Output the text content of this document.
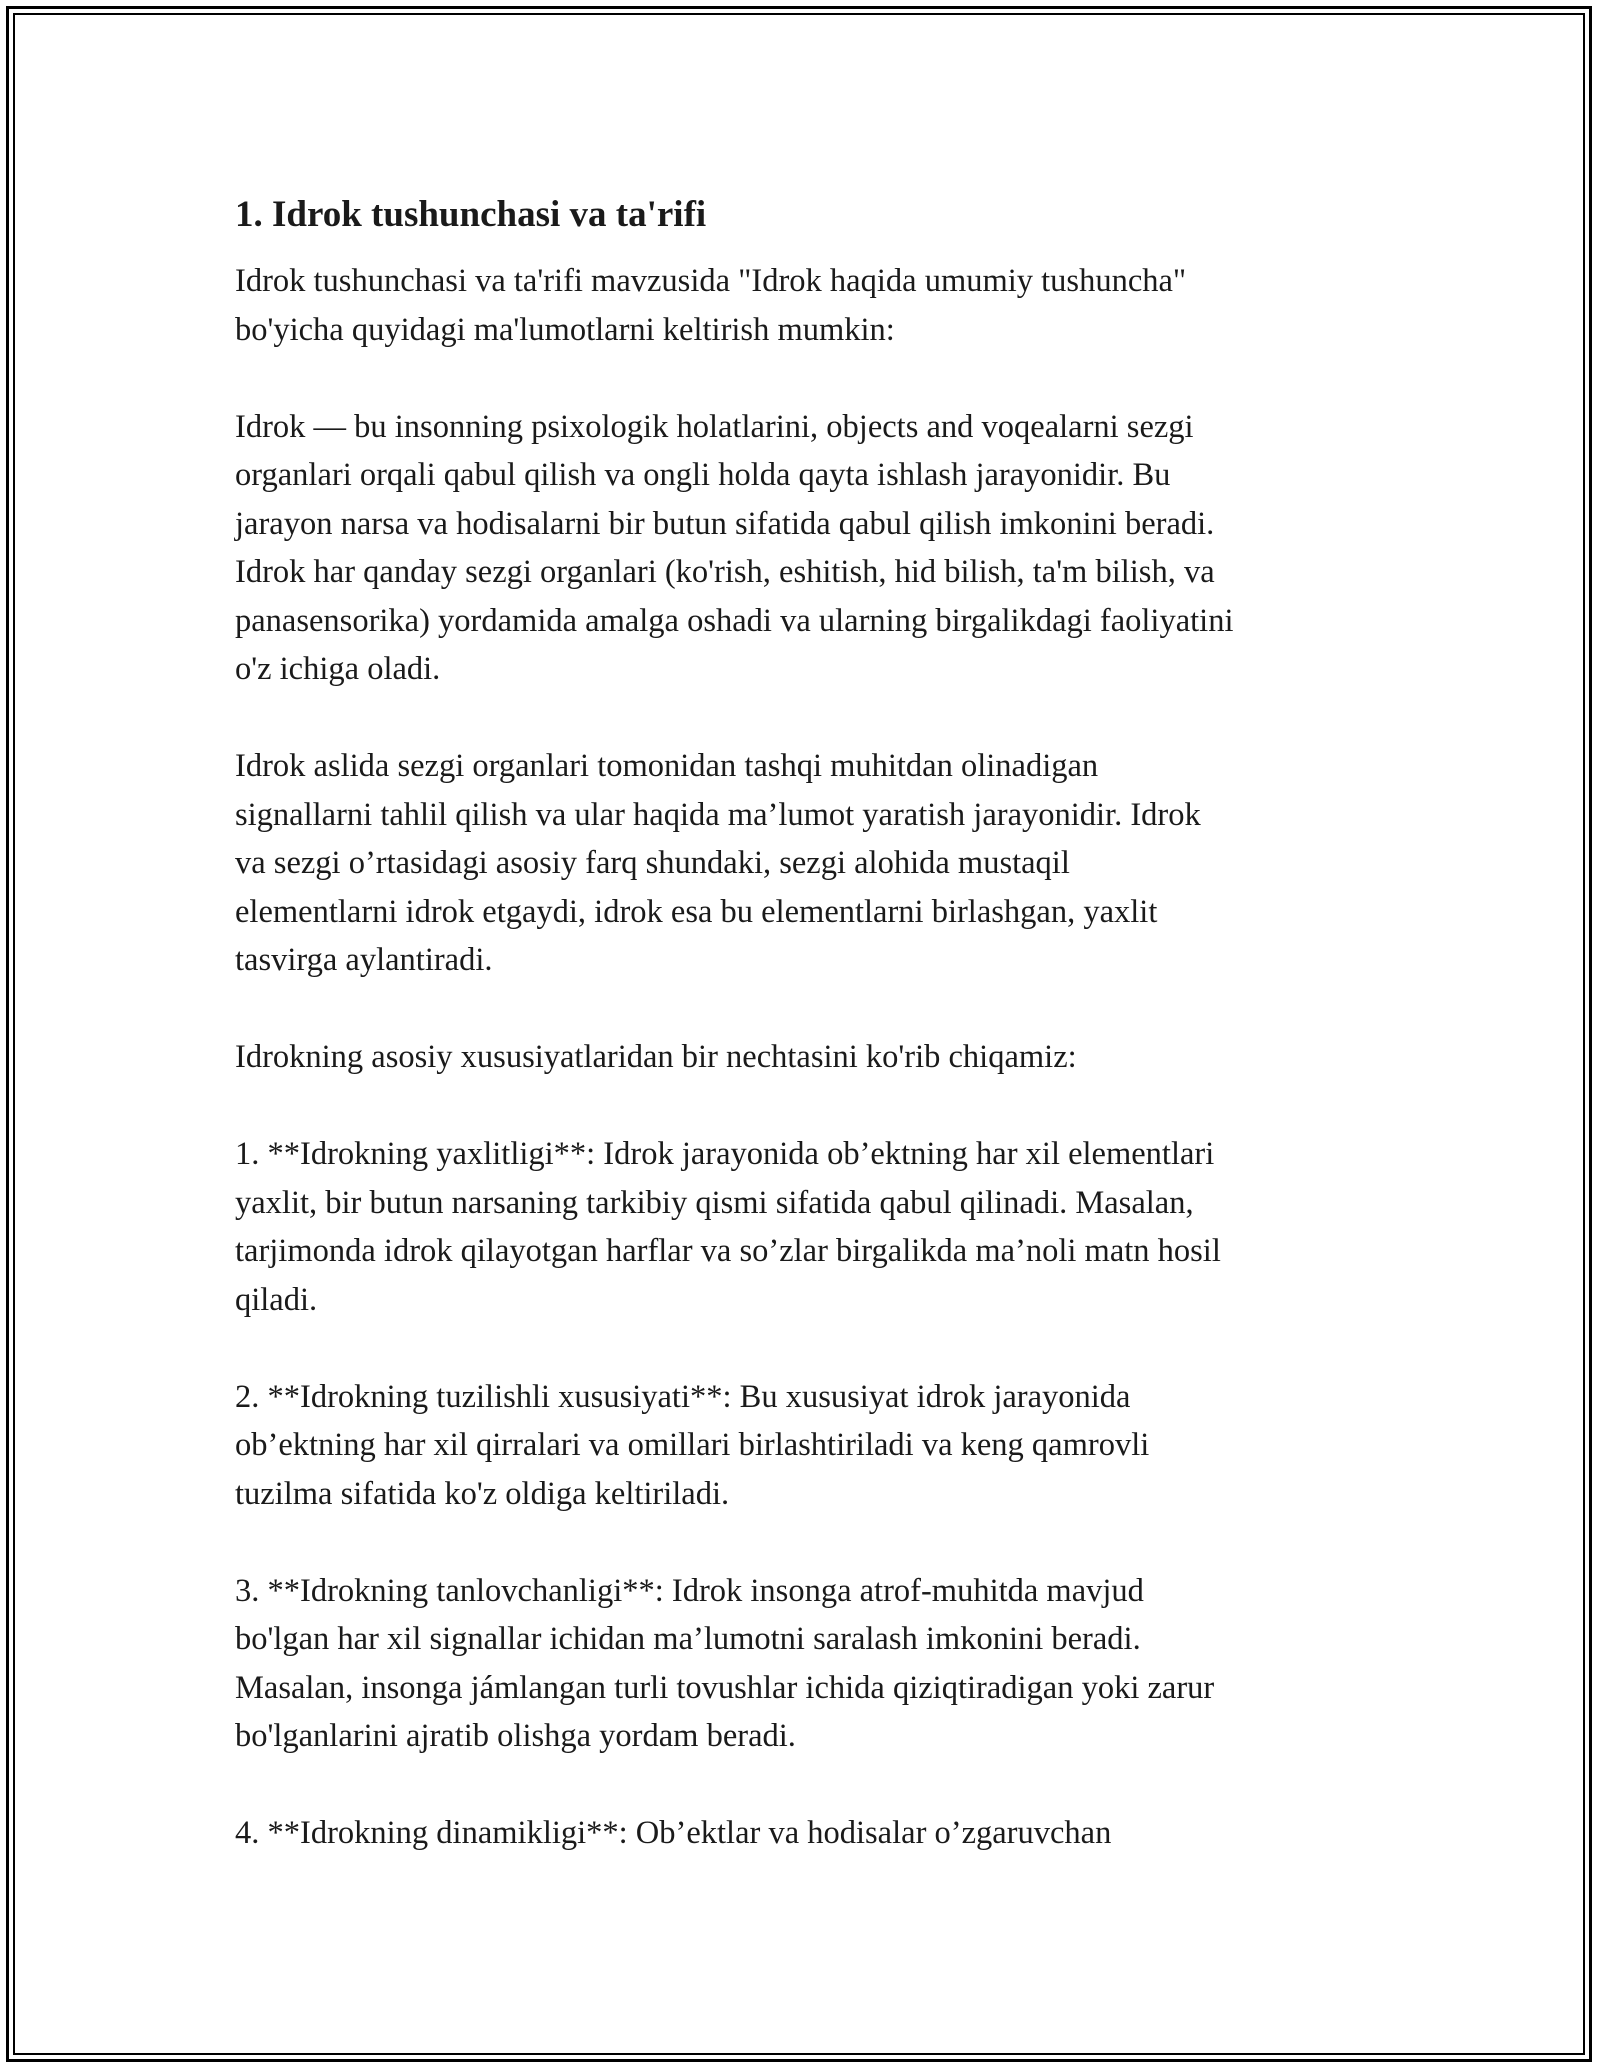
1. Idrok tushunchasi va ta'rifi

Idrok tushunchasi va ta'rifi mavzusida "Idrok haqida umumiy tushuncha"
bo'yicha quyidagi ma'lumotlarni keltirish mumkin:

Idrok — bu insonning psixologik holatlarini, objects and voqealarni sezgi
organlari orqali qabul qilish va ongli holda qayta ishlash jarayonidir. Bu
jarayon narsa va hodisalarni bir butun sifatida qabul qilish imkonini beradi.
Idrok har qanday sezgi organlari (ko'rish, eshitish, hid bilish, ta'm bilish, va
panasensorika) yordamida amalga oshadi va ularning birgalikdagi faoliyatini
o'z ichiga oladi.

Idrok aslida sezgi organlari tomonidan tashqi muhitdan olinadigan
signallarni tahlil qilish va ular haqida ma’lumot yaratish jarayonidir. Idrok
va sezgi o’rtasidagi asosiy farq shundaki, sezgi alohida mustaqil
elementlarni idrok etgaydi, idrok esa bu elementlarni birlashgan, yaxlit
tasvirga aylantiradi.

Idrokning asosiy xususiyatlaridan bir nechtasini ko'rib chiqamiz:

1. **Idrokning yaxlitligi**: Idrok jarayonida ob’ektning har xil elementlari
yaxlit, bir butun narsaning tarkibiy qismi sifatida qabul qilinadi. Masalan,
tarjimonda idrok qilayotgan harflar va so’zlar birgalikda ma’noli matn hosil
qiladi.

2. **Idrokning tuzilishli xususiyati**: Bu xususiyat idrok jarayonida
ob’ektning har xil qirralari va omillari birlashtiriladi va keng qamrovli
tuzilma sifatida ko'z oldiga keltiriladi.

3. **Idrokning tanlovchanligi**: Idrok insonga atrof-muhitda mavjud
bo'lgan har xil signallar ichidan ma’lumotni saralash imkonini beradi.
Masalan, insonga jámlangan turli tovushlar ichida qiziqtiradigan yoki zarur
bo'lganlarini ajratib olishga yordam beradi.

4. **Idrokning dinamikligi**: Ob’ektlar va hodisalar o’zgaruvchan
